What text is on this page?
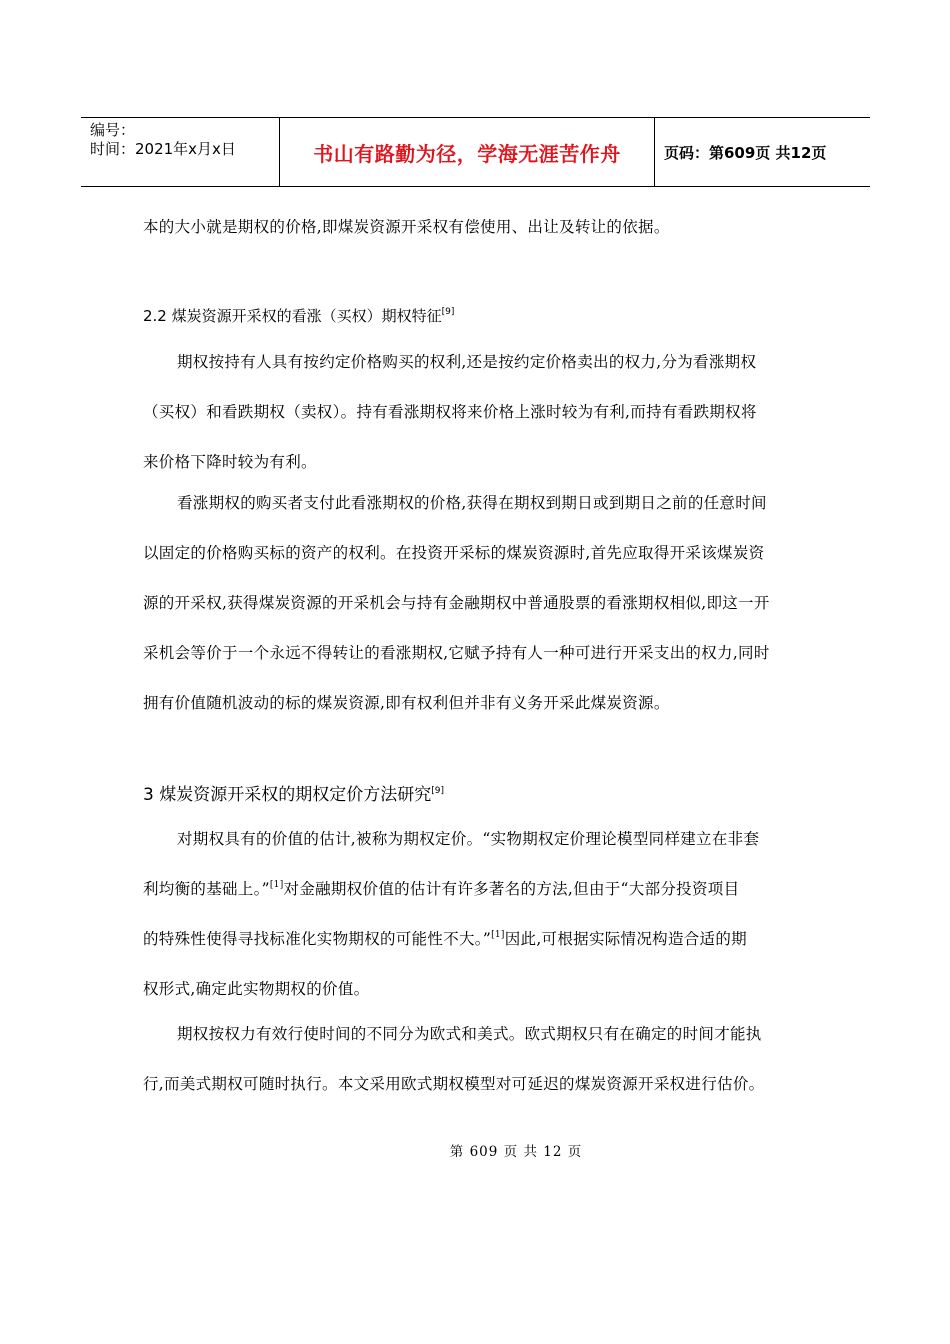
编号：
时间：2021年x月x日	书山有路勤为径，学海无涯苦作舟	页码：第609页 共12页
本的大小就是期权的价格,即煤炭资源开采权有偿使用、出让及转让的依据。
2.2 煤炭资源开采权的看涨（买权）期权特征[9]
期权按持有人具有按约定价格购买的权利,还是按约定价格卖出的权力,分为看涨期权
（买权）和看跌期权（卖权）。持有看涨期权将来价格上涨时较为有利,而持有看跌期权将
来价格下降时较为有利。
看涨期权的购买者支付此看涨期权的价格,获得在期权到期日或到期日之前的任意时间
以固定的价格购买标的资产的权利。在投资开采标的煤炭资源时,首先应取得开采该煤炭资
源的开采权,获得煤炭资源的开采机会与持有金融期权中普通股票的看涨期权相似,即这一开
采机会等价于一个永远不得转让的看涨期权,它赋予持有人一种可进行开采支出的权力,同时
拥有价值随机波动的标的煤炭资源,即有权利但并非有义务开采此煤炭资源。
3 煤炭资源开采权的期权定价方法研究[9]
对期权具有的价值的估计,被称为期权定价。“实物期权定价理论模型同样建立在非套
利均衡的基础上。”[1]对金融期权价值的估计有许多著名的方法,但由于“大部分投资项目
的特殊性使得寻找标准化实物期权的可能性不大。”[1]因此,可根据实际情况构造合适的期
权形式,确定此实物期权的价值。
期权按权力有效行使时间的不同分为欧式和美式。欧式期权只有在确定的时间才能执
行,而美式期权可随时执行。本文采用欧式期权模型对可延迟的煤炭资源开采权进行估价。
第 609 页 共 12 页
